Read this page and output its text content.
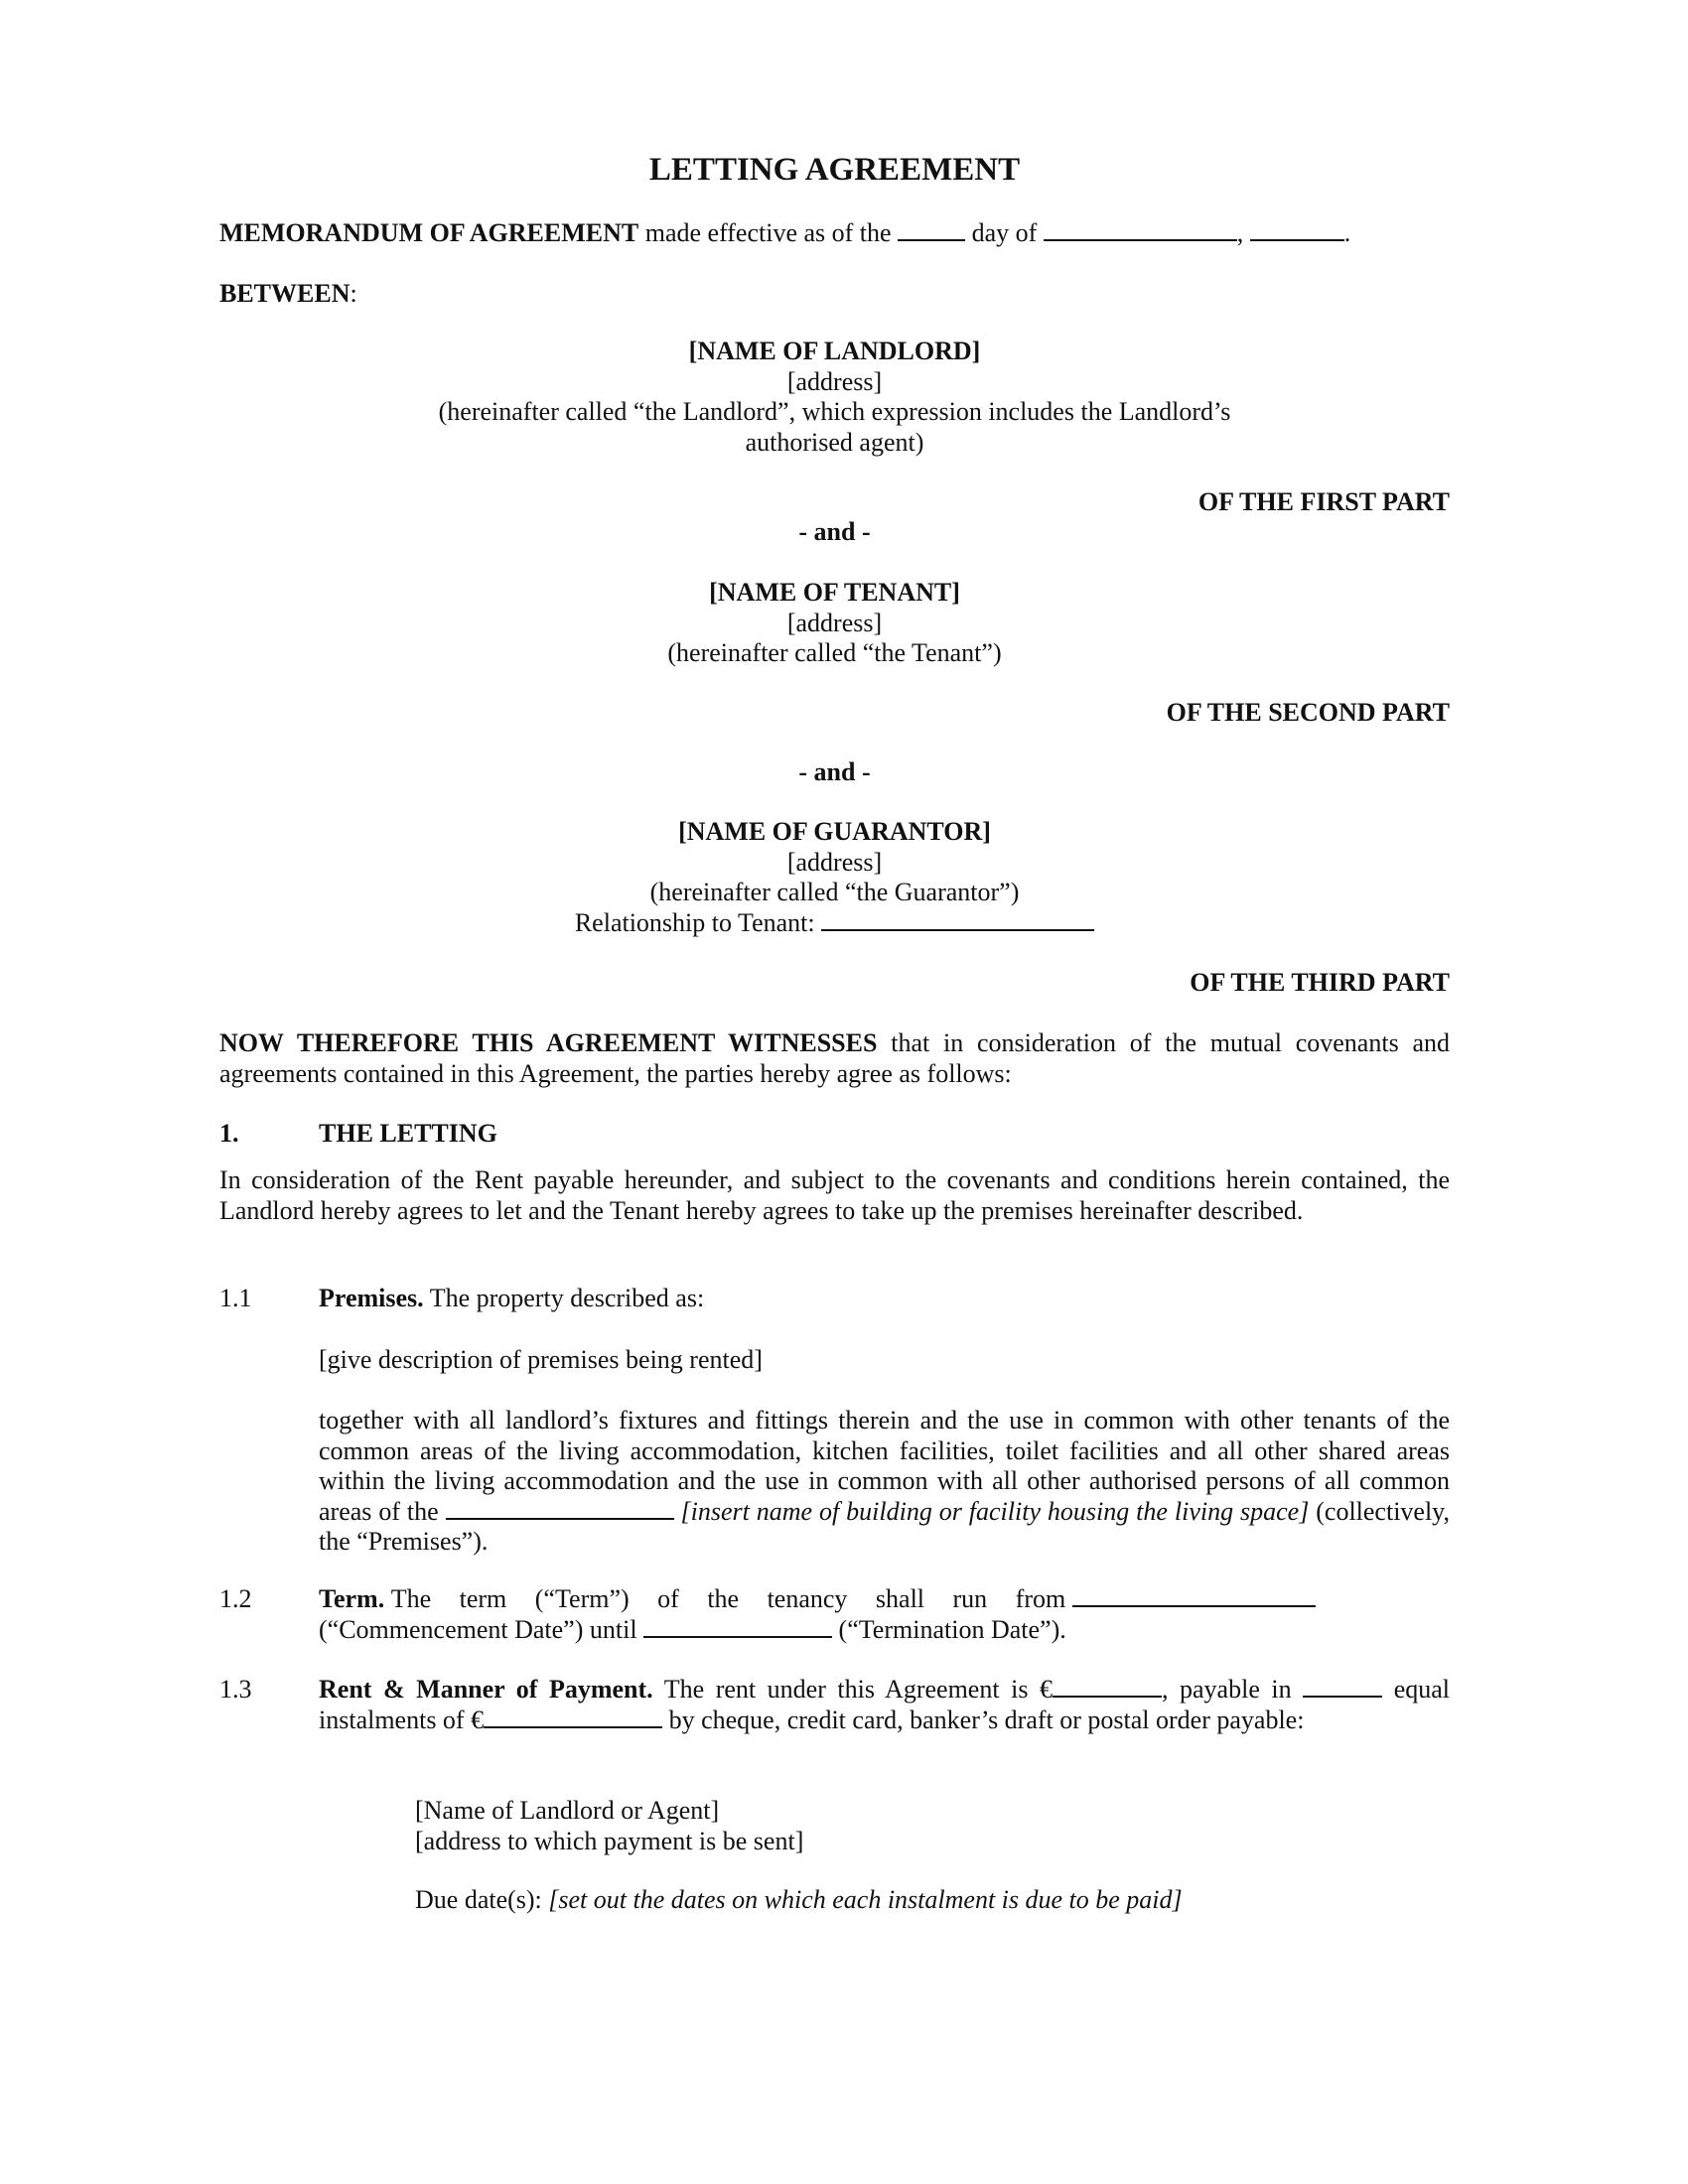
LETTING AGREEMENT
MEMORANDUM OF AGREEMENT made effective as of the	day of	,	.
BETWEEN:
[NAME OF LANDLORD]
[address]
(hereinafter called “the Landlord”, which expression includes the Landlord’s
authorised agent)
OF THE FIRST PART
- and -
[NAME OF TENANT]
[address]
(hereinafter called “the Tenant”)
OF THE SECOND PART
- and -
[NAME OF GUARANTOR]
[address]
(hereinafter called “the Guarantor”)
Relationship to Tenant:
OF THE THIRD PART
NOW THEREFORE THIS AGREEMENT WITNESSES that in consideration of the mutual covenants and agreements contained in this Agreement, the parties hereby agree as follows:
1.	THE LETTING
In consideration of the Rent payable hereunder, and subject to the covenants and conditions herein contained, the Landlord hereby agrees to let and the Tenant hereby agrees to take up the premises hereinafter described.
1.1	Premises. The property described as:
[give description of premises being rented]
together with all landlord’s fixtures and fittings therein and the use in common with other tenants of the common areas of the living accommodation, kitchen facilities, toilet facilities and all other shared areas within the living accommodation and the use in common with all other authorised persons of all common areas of the	[insert name of building or facility housing the living space] (collectively, the “Premises”).
1.2	Term. The term (“Term”) of the tenancy shall run from
(“Commencement Date”) until	(“Termination Date”).
1.3	Rent & Manner of Payment. The rent under this Agreement is €	, payable in	equal instalments of €	by cheque, credit card, banker’s draft or postal order payable:
[Name of Landlord or Agent]
[address to which payment is be sent]
Due date(s): [set out the dates on which each instalment is due to be paid]
